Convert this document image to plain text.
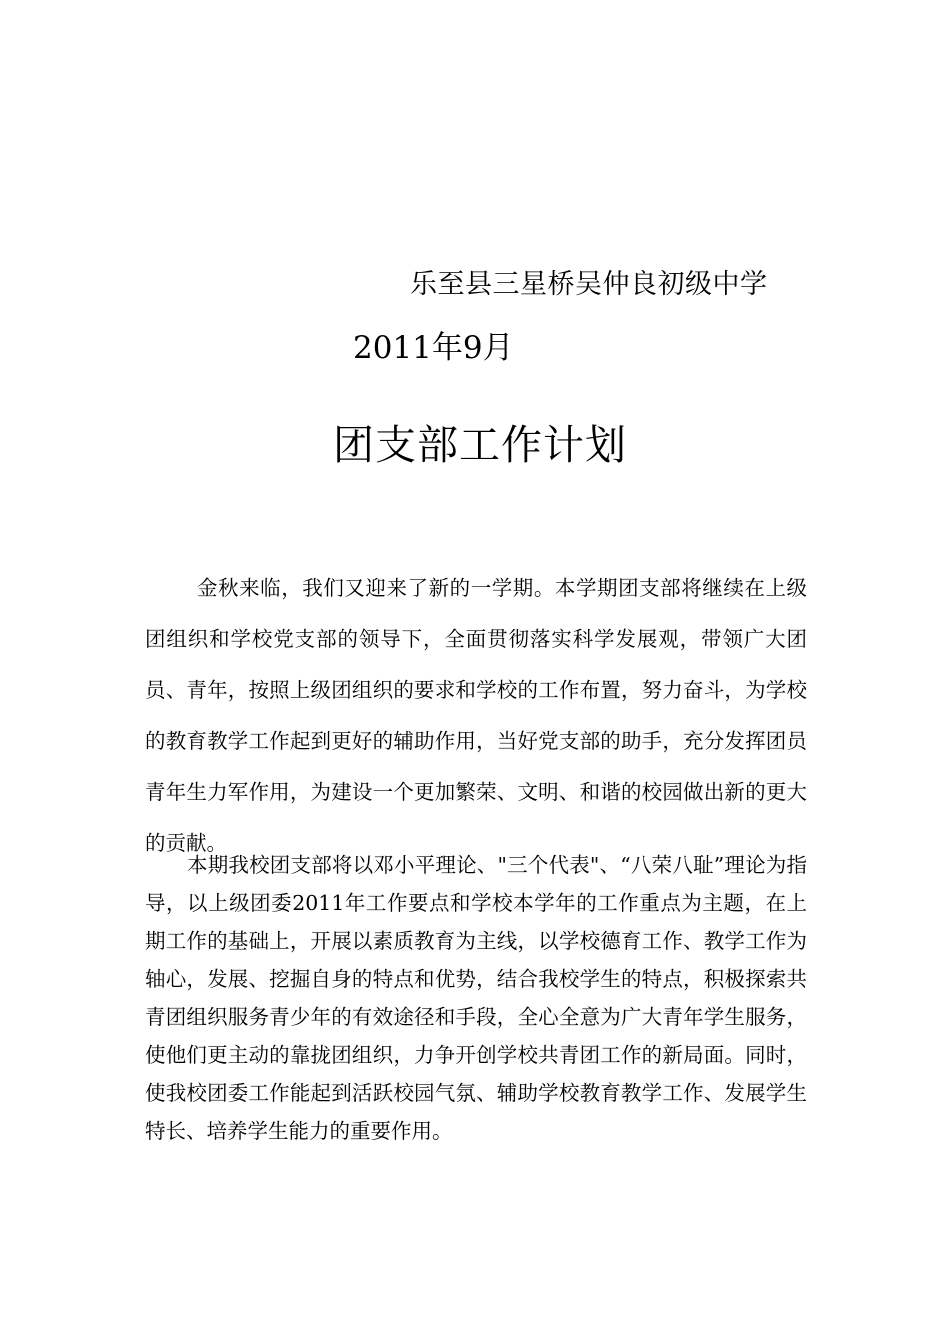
乐至县三星桥吴仲良初级中学
2011年9月
团支部工作计划

金秋来临，我们又迎来了新的一学期。本学期团支部将继续在上级团组织和学校党支部的领导下，全面贯彻落实科学发展观，带领广大团员、青年，按照上级团组织的要求和学校的工作布置，努力奋斗，为学校的教育教学工作起到更好的辅助作用，当好党支部的助手，充分发挥团员青年生力军作用，为建设一个更加繁荣、文明、和谐的校园做出新的更大的贡献。

本期我校团支部将以邓小平理论、"三个代表"、“八荣八耻”理论为指导，以上级团委2011年工作要点和学校本学年的工作重点为主题，在上期工作的基础上，开展以素质教育为主线，以学校德育工作、教学工作为轴心，发展、挖掘自身的特点和优势，结合我校学生的特点，积极探索共青团组织服务青少年的有效途径和手段，全心全意为广大青年学生服务，使他们更主动的靠拢团组织，力争开创学校共青团工作的新局面。同时，使我校团委工作能起到活跃校园气氛、辅助学校教育教学工作、发展学生特长、培养学生能力的重要作用。
